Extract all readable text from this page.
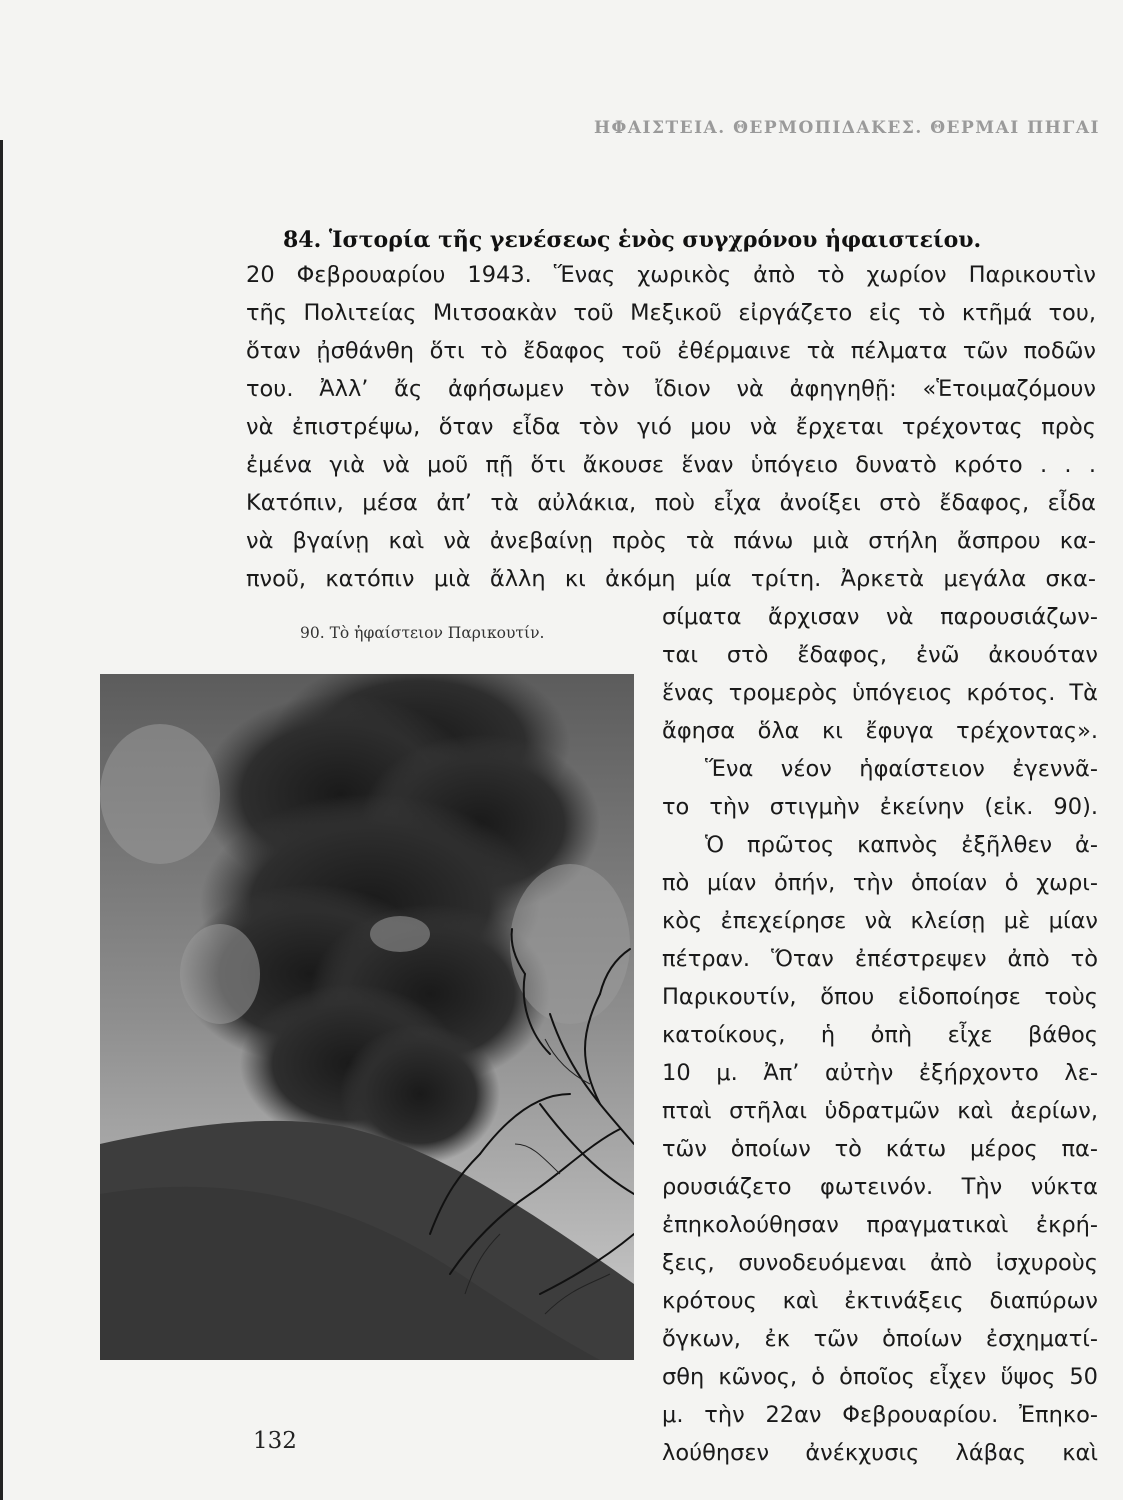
ΗΦΑΙΣΤΕΙΑ. ΘΕΡΜΟΠΙΔΑΚΕΣ. ΘΕΡΜΑΙ ΠΗΓΑΙ
84. Ἱστορία τῆς γενέσεως ἑνὸς συγχρόνου ἡφαιστείου.
20 Φεβρουαρίου 1943. Ἕνας χωρικὸς ἀπὸ τὸ χωρίον Παρικουτὶν
τῆς Πολιτείας Μιτσοακὰν τοῦ Μεξικοῦ εἰργάζετο εἰς τὸ κτῆμά του,
ὅταν ᾐσθάνθη ὅτι τὸ ἔδαφος τοῦ ἐθέρμαινε τὰ πέλματα τῶν ποδῶν
του. Ἀλλ’ ἄς ἀφήσωμεν τὸν ἴδιον νὰ ἀφηγηθῇ: «Ἑτοιμαζόμουν
νὰ ἐπιστρέψω, ὅταν εἶδα τὸν γιό μου νὰ ἔρχεται τρέχοντας πρὸς
ἐμένα γιὰ νὰ μοῦ πῇ ὅτι ἄκουσε ἕναν ὑπόγειο δυνατὸ κρότο . . .
Κατόπιν, μέσα ἀπ’ τὰ αὐλάκια, ποὺ εἶχα ἀνοίξει στὸ ἔδαφος, εἶδα
νὰ βγαίνῃ καὶ νὰ ἀνεβαίνῃ πρὸς τὰ πάνω μιὰ στήλη ἄσπρου κα-
πνοῦ, κατόπιν μιὰ ἄλλη κι ἀκόμη μία τρίτη. Ἀρκετὰ μεγάλα σκα-
σίματα ἄρχισαν νὰ παρουσιάζων-
ται στὸ ἔδαφος, ἐνῶ ἀκουόταν
ἕνας τρομερὸς ὑπόγειος κρότος. Τὰ
ἄφησα ὅλα κι ἔφυγα τρέχοντας».
Ἕνα νέον ἡφαίστειον ἐγεννᾶ-
το τὴν στιγμὴν ἐκείνην (εἰκ. 90).
Ὁ πρῶτος καπνὸς ἐξῆλθεν ἀ-
πὸ μίαν ὀπήν, τὴν ὁποίαν ὁ χωρι-
κὸς ἐπεχείρησε νὰ κλείσῃ μὲ μίαν
πέτραν. Ὅταν ἐπέστρεψεν ἀπὸ τὸ
Παρικουτίν, ὅπου εἰδοποίησε τοὺς
κατοίκους, ἡ ὀπὴ εἶχε βάθος
10 μ. Ἀπ’ αὐτὴν ἐξήρχοντο λε-
πταὶ στῆλαι ὑδρατμῶν καὶ ἀερίων,
τῶν ὁποίων τὸ κάτω μέρος πα-
ρουσιάζετο φωτεινόν. Τὴν νύκτα
ἐπηκολούθησαν πραγματικαὶ ἐκρή-
ξεις, συνοδευόμεναι ἀπὸ ἰσχυροὺς
κρότους καὶ ἐκτινάξεις διαπύρων
ὄγκων, ἐκ τῶν ὁποίων ἐσχηματί-
σθη κῶνος, ὁ ὁποῖος εἶχεν ὕψος 50
μ. τὴν 22αν Φεβρουαρίου. Ἐπηκο-
λούθησεν ἀνέκχυσις λάβας καὶ
90. Τὸ ἡφαίστειον Παρικουτίν.
132
